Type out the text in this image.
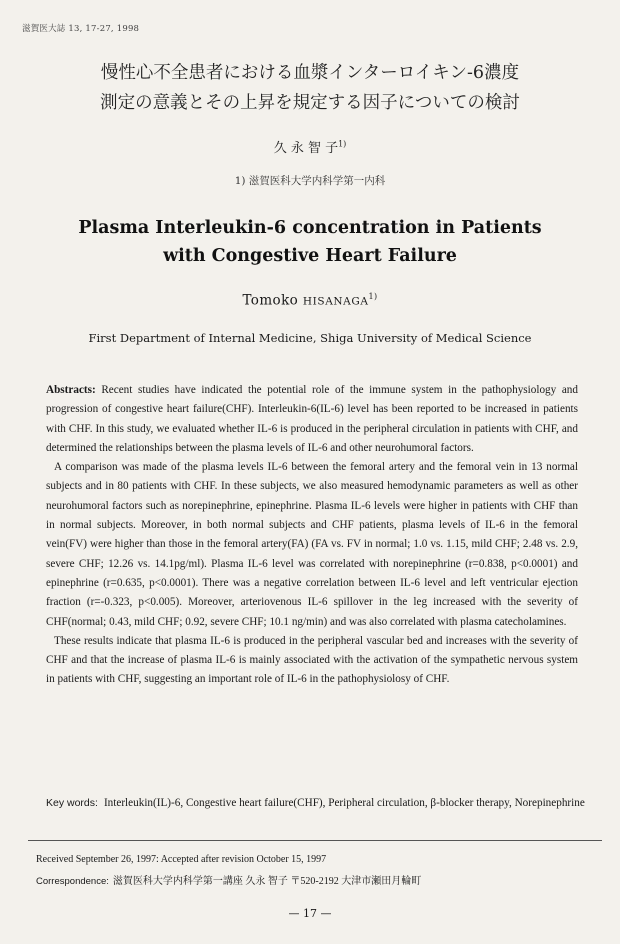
滋賀医大誌 13, 17-27, 1998
慢性心不全患者における血漿インターロイキン-6濃度
測定の意義とその上昇を規定する因子についての検討
久 永 智 子$^{1)}$
1) 滋賀医科大学内科学第一内科
Plasma Interleukin-6 concentration in Patients
with Congestive Heart Failure
Tomoko HISANAGA$^{1)}$
First Department of Internal Medicine, Shiga University of Medical Science

Abstracts: Recent studies have indicated the potential role of the immune system in the pathophysiology and progression of congestive heart failure(CHF). Interleukin-6(IL-6) level has been reported to be increased in patients with CHF. In this study, we evaluated whether IL-6 is produced in the peripheral circulation in patients with CHF, and determined the relationships between the plasma levels of IL-6 and other neurohumoral factors.

A comparison was made of the plasma levels IL-6 between the femoral artery and the femoral vein in 13 normal subjects and in 80 patients with CHF. In these subjects, we also measured hemodynamic parameters as well as other neurohumoral factors such as norepinephrine, epinephrine. Plasma IL-6 levels were higher in patients with CHF than in normal subjects. Moreover, in both normal subjects and CHF patients, plasma levels of IL-6 in the femoral vein(FV) were higher than those in the femoral artery(FA) (FA vs. FV in normal; 1.0 vs. 1.15, mild CHF; 2.48 vs. 2.9, severe CHF; 12.26 vs. 14.1pg/ml). Plasma IL-6 level was correlated with norepinephrine (r=0.838, p<0.0001) and epinephrine (r=0.635, p<0.0001). There was a negative correlation between IL-6 level and left ventricular ejection fraction (r=-0.323, p<0.005). Moreover, arteriovenous IL-6 spillover in the leg increased with the severity of CHF(normal; 0.43, mild CHF; 0.92, severe CHF; 10.1 ng/min) and was also correlated with plasma catecholamines.

These results indicate that plasma IL-6 is produced in the peripheral vascular bed and increases with the severity of CHF and that the increase of plasma IL-6 is mainly associated with the activation of the sympathetic nervous system in patients with CHF, suggesting an important role of IL-6 in the pathophysiolosy of CHF.

Key words: Interleukin(IL)-6, Congestive heart failure(CHF), Peripheral circulation, β-blocker therapy, Norepinephrine
Received September 26, 1997: Accepted after revision October 15, 1997
Correspondence: 滋賀医科大学内科学第一講座 久永 智子 〒520-2192 大津市瀬田月輪町
— 17 —
